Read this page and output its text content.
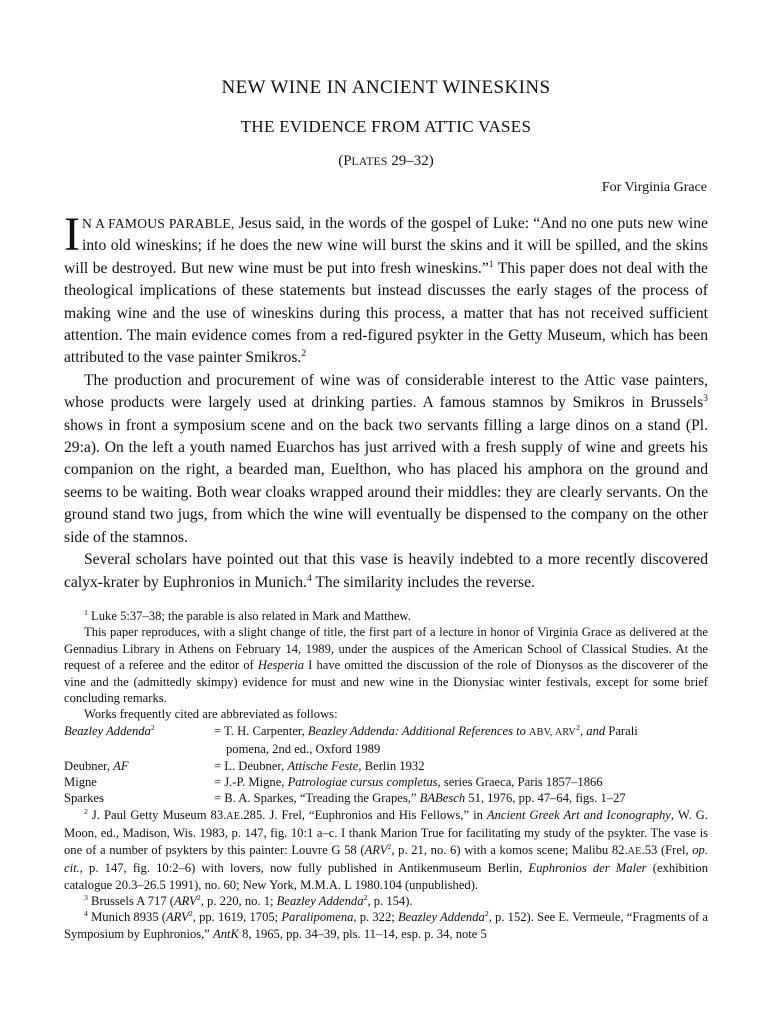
NEW WINE IN ANCIENT WINESKINS
THE EVIDENCE FROM ATTIC VASES
(PLATES 29–32)
For Virginia Grace

I N A FAMOUS PARABLE, Jesus said, in the words of the gospel of Luke: “And no one puts new wine into old wineskins; if he does the new wine will burst the skins and it will be spilled, and the skins will be destroyed. But new wine must be put into fresh wineskins.”$^1$ This paper does not deal with the theological implications of these statements but instead discusses the early stages of the process of making wine and the use of wineskins during this process, a matter that has not received sufficient attention. The main evidence comes from a red-figured psykter in the Getty Museum, which has been attributed to the vase painter Smikros.$^2$

The production and procurement of wine was of considerable interest to the Attic vase painters, whose products were largely used at drinking parties. A famous stamnos by Smikros in Brussels$^3$ shows in front a symposium scene and on the back two servants filling a large dinos on a stand (Pl. 29:a). On the left a youth named Euarchos has just arrived with a fresh supply of wine and greets his companion on the right, a bearded man, Euelthon, who has placed his amphora on the ground and seems to be waiting. Both wear cloaks wrapped around their middles: they are clearly servants. On the ground stand two jugs, from which the wine will eventually be dispensed to the company on the other side of the stamnos.

Several scholars have pointed out that this vase is heavily indebted to a more recently discovered calyx-krater by Euphronios in Munich.$^4$ The similarity includes the reverse.

$^1$ Luke 5:37–38; the parable is also related in Mark and Matthew.

This paper reproduces, with a slight change of title, the first part of a lecture in honor of Virginia Grace as delivered at the Gennadius Library in Athens on February 14, 1989, under the auspices of the American School of Classical Studies. At the request of a referee and the editor of Hesperia I have omitted the discussion of the role of Dionysos as the discoverer of the vine and the (admittedly skimpy) evidence for must and new wine in the Dionysiac winter festivals, except for some brief concluding remarks.

Works frequently cited are abbreviated as follows:

Beazley Addenda$^2$	= T. H. Carpenter, Beazley Addenda: Additional References to ABV, ARV$^2$, and Parali
pomena, 2nd ed., Oxford 1989
Deubner, AF	= L. Deubner, Attische Feste, Berlin 1932
Migne	= J.-P. Migne, Patrologiae cursus completus, series Graeca, Paris 1857–1866
Sparkes	= B. A. Sparkes, “Treading the Grapes,” BABesch 51, 1976, pp. 47–64, figs. 1–27

$^2$ J. Paul Getty Museum 83.AE.285. J. Frel, “Euphronios and His Fellows,” in Ancient Greek Art and Iconography, W. G. Moon, ed., Madison, Wis. 1983, p. 147, fig. 10:1 a–c. I thank Marion True for facilitating my study of the psykter. The vase is one of a number of psykters by this painter: Louvre G 58 (ARV$^2$, p. 21, no. 6) with a komos scene; Malibu 82.AE.53 (Frel, op. cit., p. 147, fig. 10:2–6) with lovers, now fully published in Antikenmuseum Berlin, Euphronios der Maler (exhibition catalogue 20.3–26.5 1991), no. 60; New York, M.M.A. L 1980.104 (unpublished).

$^3$ Brussels A 717 (ARV$^2$, p. 220, no. 1; Beazley Addenda$^2$, p. 154).

$^4$ Munich 8935 (ARV$^2$, pp. 1619, 1705; Paralipomena, p. 322; Beazley Addenda$^2$, p. 152). See E. Vermeule, “Fragments of a Symposium by Euphronios,” AntK 8, 1965, pp. 34–39, pls. 11–14, esp. p. 34, note 5
